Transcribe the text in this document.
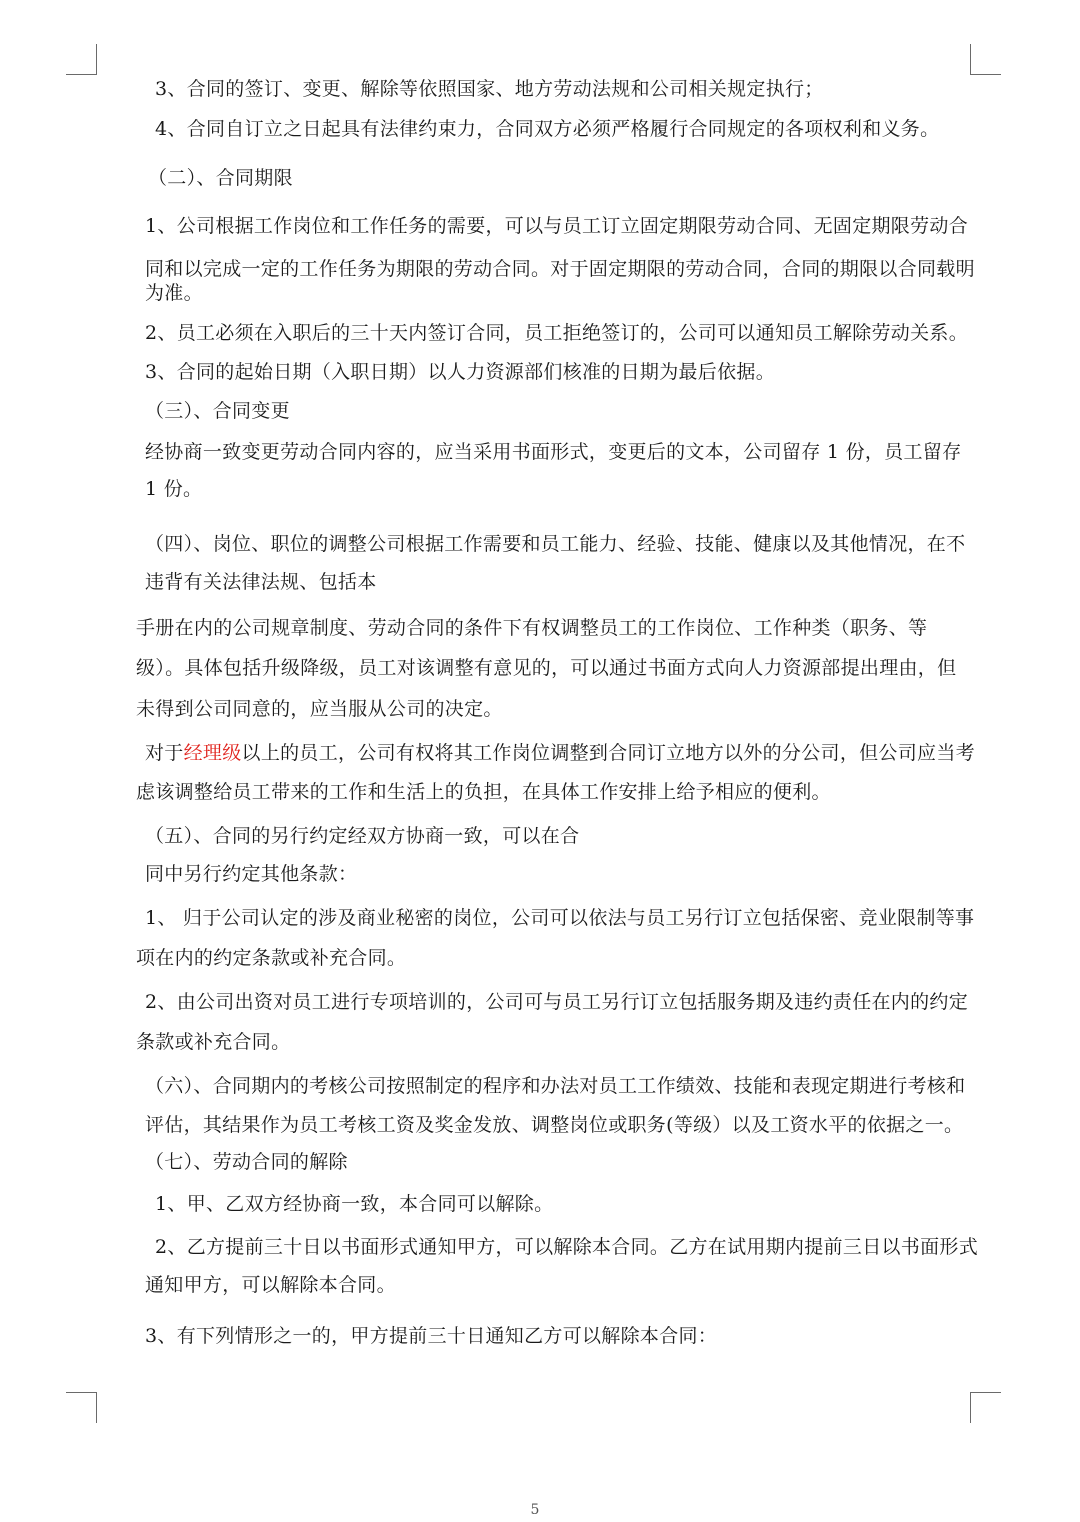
3、合同的签订、变更、解除等依照国家、地方劳动法规和公司相关规定执行；
4、合同自订立之日起具有法律约束力，合同双方必须严格履行合同规定的各项权利和义务。
（二）、合同期限
1、公司根据工作岗位和工作任务的需要，可以与员工订立固定期限劳动合同、无固定期限劳动合
同和以完成一定的工作任务为期限的劳动合同。对于固定期限的劳动合同，合同的期限以合同载明
为准。
2、员工必须在入职后的三十天内签订合同，员工拒绝签订的，公司可以通知员工解除劳动关系。
3、合同的起始日期（入职日期）以人力资源部们核准的日期为最后依据。
（三）、合同变更
经协商一致变更劳动合同内容的，应当采用书面形式，变更后的文本，公司留存 1 份，员工留存
1 份。
（四）、岗位、职位的调整公司根据工作需要和员工能力、经验、技能、健康以及其他情况，在不
违背有关法律法规、包括本
手册在内的公司规章制度、劳动合同的条件下有权调整员工的工作岗位、工作种类（职务、等
级）。具体包括升级降级，员工对该调整有意见的，可以通过书面方式向人力资源部提出理由，但
未得到公司同意的，应当服从公司的决定。
对于经理级以上的员工，公司有权将其工作岗位调整到合同订立地方以外的分公司，但公司应当考
虑该调整给员工带来的工作和生活上的负担，在具体工作安排上给予相应的便利。
（五）、合同的另行约定经双方协商一致，可以在合
同中另行约定其他条款：
1、 归于公司认定的涉及商业秘密的岗位，公司可以依法与员工另行订立包括保密、竞业限制等事
项在内的约定条款或补充合同。
2、由公司出资对员工进行专项培训的，公司可与员工另行订立包括服务期及违约责任在内的约定
条款或补充合同。
（六）、合同期内的考核公司按照制定的程序和办法对员工工作绩效、技能和表现定期进行考核和
评估，其结果作为员工考核工资及奖金发放、调整岗位或职务(等级）以及工资水平的依据之一。
（七）、劳动合同的解除
1、甲、乙双方经协商一致，本合同可以解除。
2、乙方提前三十日以书面形式通知甲方，可以解除本合同。乙方在试用期内提前三日以书面形式
通知甲方，可以解除本合同。
3、有下列情形之一的，甲方提前三十日通知乙方可以解除本合同：
5
